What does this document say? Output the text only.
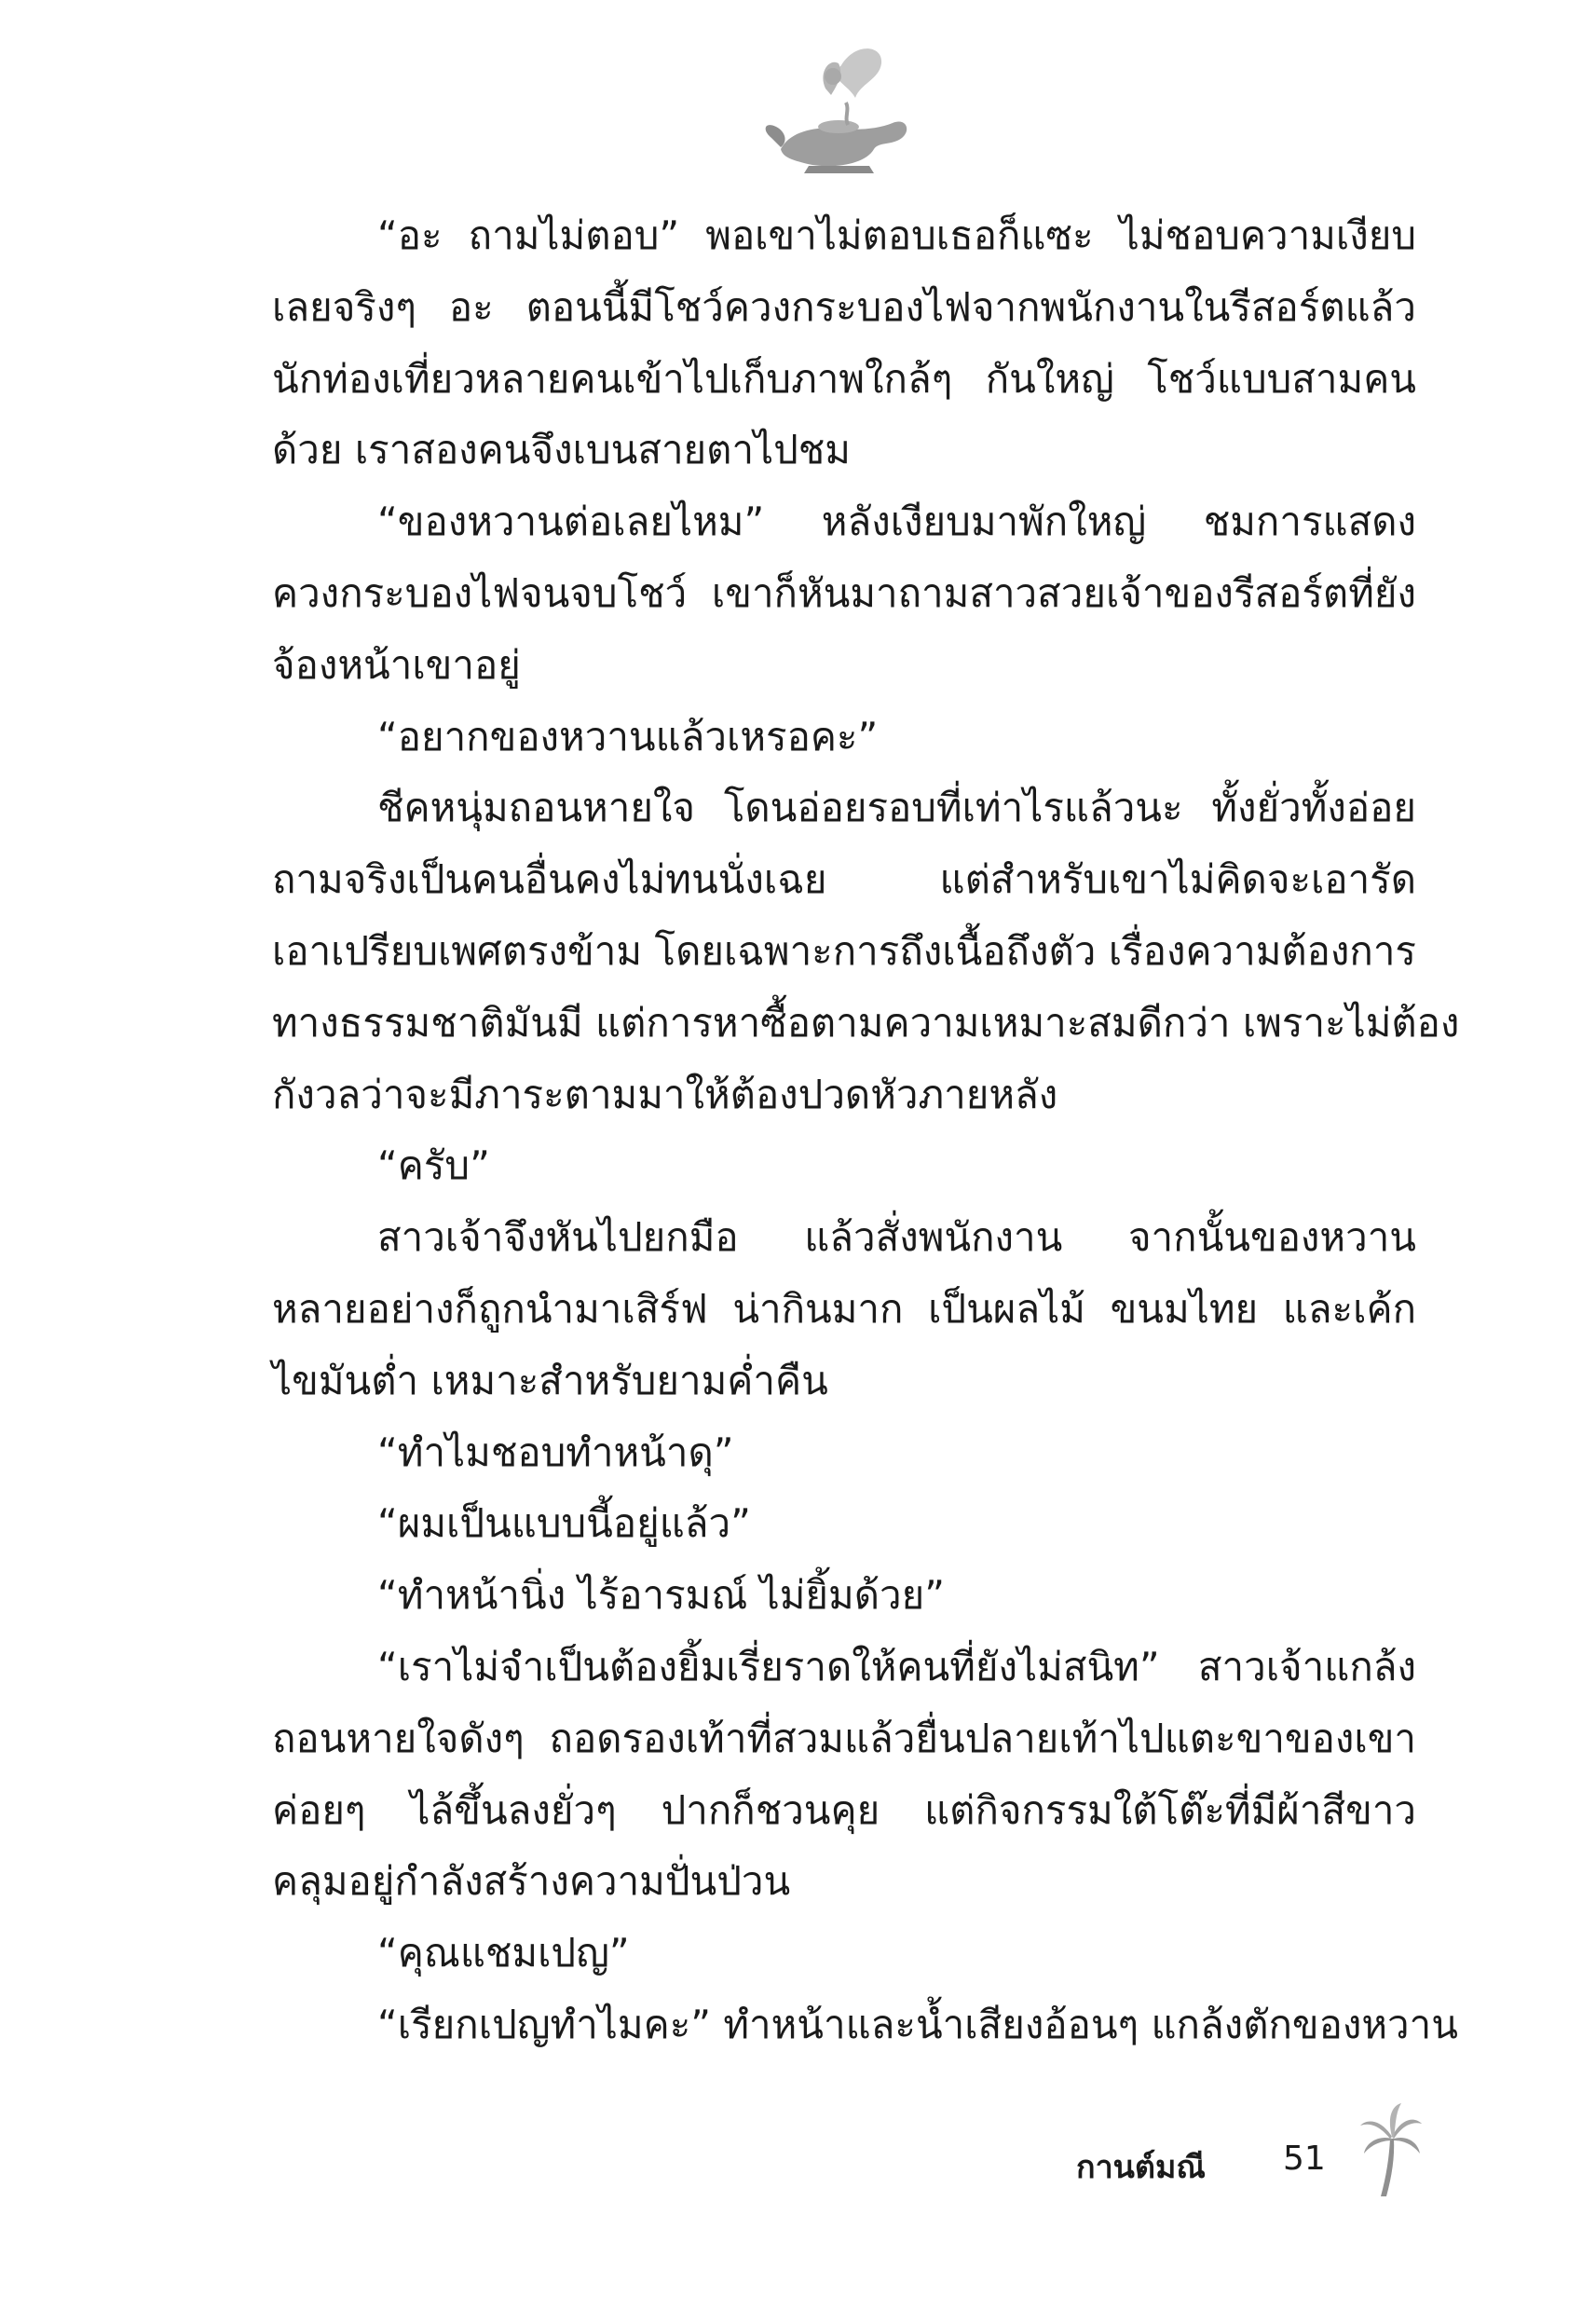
“อะ ถามไม่ตอบ” พอเขาไม่ตอบเธอก็แซะ ไม่ชอบความเงียบ
เลยจริงๆ อะ ตอนนี้มีโชว์ควงกระบองไฟจากพนักงานในรีสอร์ตแล้ว
นักท่องเที่ยวหลายคนเข้าไปเก็บภาพใกล้ๆ กันใหญ่ โชว์แบบสามคน
ด้วย เราสองคนจึงเบนสายตาไปชม

“ของหวานต่อเลยไหม” หลังเงียบมาพักใหญ่ ชมการแสดง
ควงกระบองไฟจนจบโชว์ เขาก็หันมาถามสาวสวยเจ้าของรีสอร์ตที่ยัง
จ้องหน้าเขาอยู่

“อยากของหวานแล้วเหรอคะ”

ชีคหนุ่มถอนหายใจ โดนอ่อยรอบที่เท่าไรแล้วนะ ทั้งยั่วทั้งอ่อย
ถามจริงเป็นคนอื่นคงไม่ทนนั่งเฉย แต่สำหรับเขาไม่คิดจะเอารัด
เอาเปรียบเพศตรงข้าม โดยเฉพาะการถึงเนื้อถึงตัว เรื่องความต้องการ
ทางธรรมชาติมันมี แต่การหาซื้อตามความเหมาะสมดีกว่า เพราะไม่ต้อง
กังวลว่าจะมีภาระตามมาให้ต้องปวดหัวภายหลัง

“ครับ”

สาวเจ้าจึงหันไปยกมือ แล้วสั่งพนักงาน จากนั้นของหวาน
หลายอย่างก็ถูกนำมาเสิร์ฟ น่ากินมาก เป็นผลไม้ ขนมไทย และเค้ก
ไขมันต่ำ เหมาะสำหรับยามค่ำคืน

“ทำไมชอบทำหน้าดุ”

“ผมเป็นแบบนี้อยู่แล้ว”

“ทำหน้านิ่ง ไร้อารมณ์ ไม่ยิ้มด้วย”

“เราไม่จำเป็นต้องยิ้มเรี่ยราดให้คนที่ยังไม่สนิท” สาวเจ้าแกล้ง
ถอนหายใจดังๆ ถอดรองเท้าที่สวมแล้วยื่นปลายเท้าไปแตะขาของเขา
ค่อยๆ ไล้ขึ้นลงยั่วๆ ปากก็ชวนคุย แต่กิจกรรมใต้โต๊ะที่มีผ้าสีขาว
คลุมอยู่กำลังสร้างความปั่นป่วน

“คุณแชมเปญ”

“เรียกเปญทำไมคะ” ทำหน้าและน้ำเสียงอ้อนๆ แกล้งตักของหวาน

กานต์มณี 51
